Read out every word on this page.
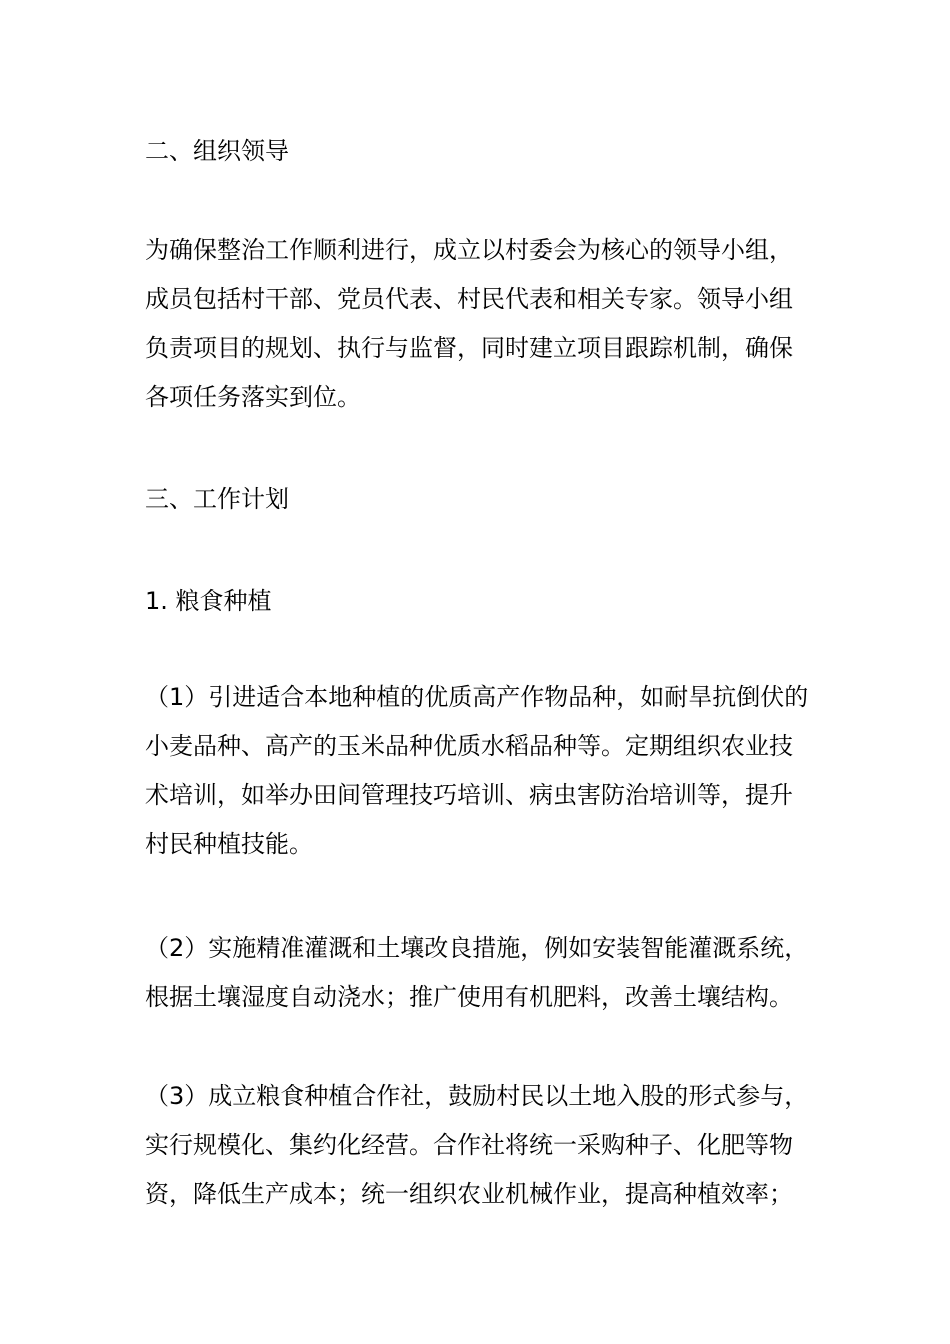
二、组织领导

为确保整治工作顺利进行，成立以村委会为核心的领导小组，
成员包括村干部、党员代表、村民代表和相关专家。领导小组
负责项目的规划、执行与监督，同时建立项目跟踪机制，确保
各项任务落实到位。

三、工作计划

1. 粮食种植

（1）引进适合本地种植的优质高产作物品种，如耐旱抗倒伏的
小麦品种、高产的玉米品种优质水稻品种等。定期组织农业技
术培训，如举办田间管理技巧培训、病虫害防治培训等，提升
村民种植技能。
（2）实施精准灌溉和土壤改良措施，例如安装智能灌溉系统，
根据土壤湿度自动浇水；推广使用有机肥料，改善土壤结构。
（3）成立粮食种植合作社，鼓励村民以土地入股的形式参与，
实行规模化、集约化经营。合作社将统一采购种子、化肥等物
资，降低生产成本；统一组织农业机械作业，提高种植效率；
